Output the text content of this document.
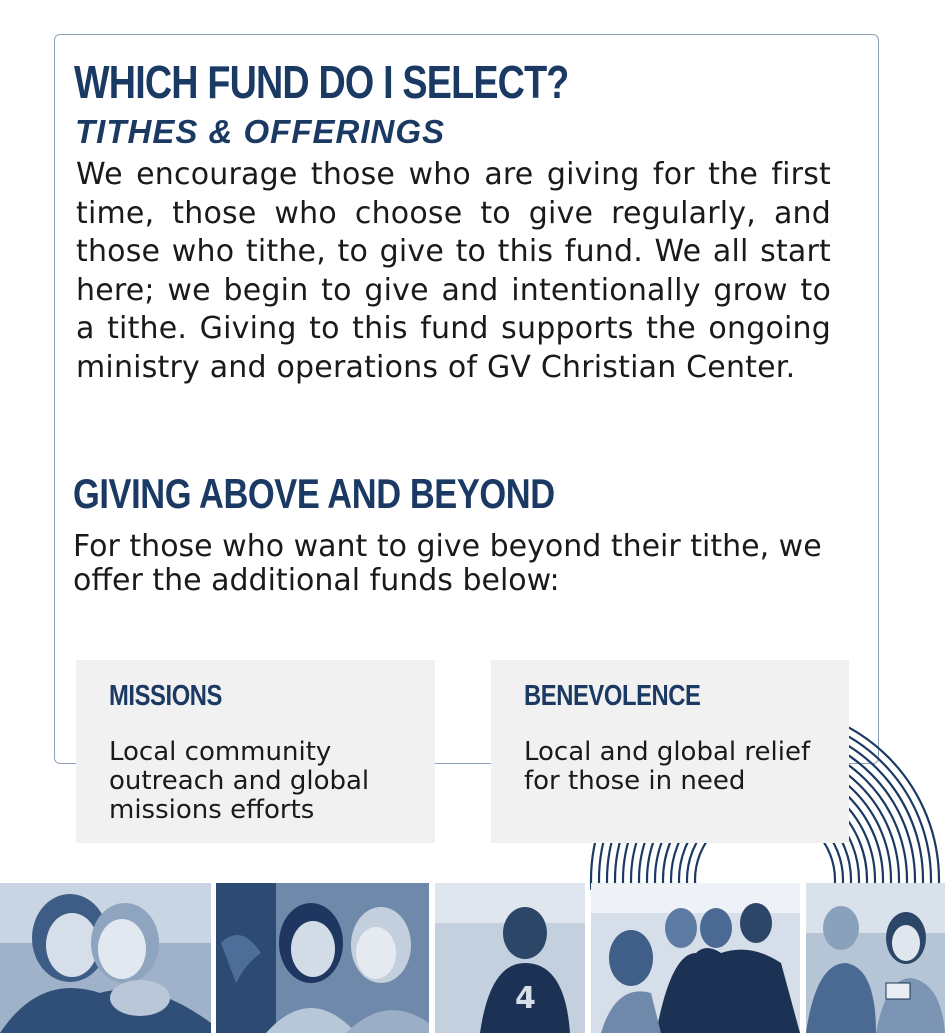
WHICH FUND DO I SELECT?
TITHES & OFFERINGS
We encourage those who are giving for the first time, those who choose to give regularly, and those who tithe, to give to this fund. We all start here; we begin to give and intentionally grow to a tithe. Giving to this fund supports the ongoing ministry and operations of GV Christian Center.
GIVING ABOVE AND BEYOND
For those who want to give beyond their tithe, we offer the additional funds below:
MISSIONS
Local community outreach and global missions efforts
BENEVOLENCE
Local and global relief for those in need
4
